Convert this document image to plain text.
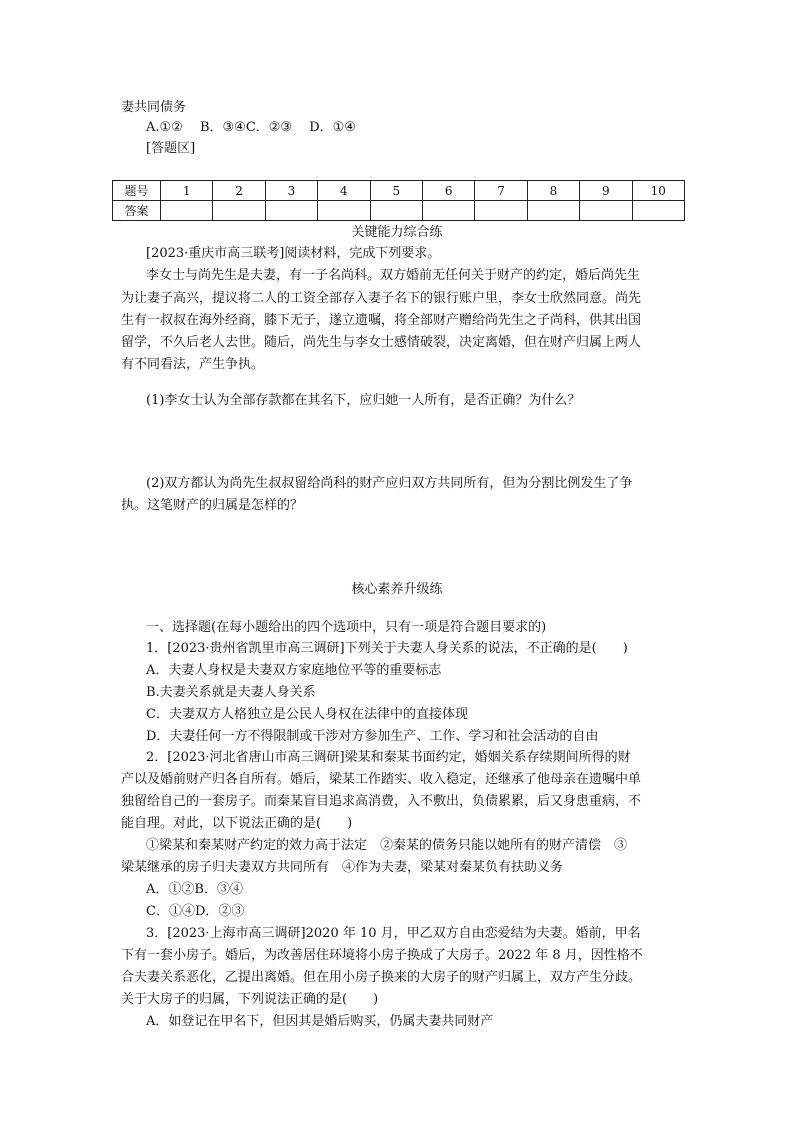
妻共同债务
A.①②　 B．③④C．②③　 D．①④
[答题区]
题号	1	2	3	4	5	6	7	8	9	10
答案										
关键能力综合练
[2023·重庆市高三联考]阅读材料，完成下列要求。
李女士与尚先生是夫妻，有一子名尚科。双方婚前无任何关于财产的约定，婚后尚先生
为让妻子高兴，提议将二人的工资全部存入妻子名下的银行账户里，李女士欣然同意。尚先
生有一叔叔在海外经商，膝下无子，遂立遗嘱，将全部财产赠给尚先生之子尚科，供其出国
留学，不久后老人去世。随后，尚先生与李女士感情破裂，决定离婚，但在财产归属上两人
有不同看法，产生争执。
(1)李女士认为全部存款都在其名下，应归她一人所有，是否正确？为什么？
(2)双方都认为尚先生叔叔留给尚科的财产应归双方共同所有，但为分割比例发生了争
执。这笔财产的归属是怎样的？
核心素养升级练
一、选择题(在每小题给出的四个选项中，只有一项是符合题目要求的)
1．[2023·贵州省凯里市高三调研]下列关于夫妻人身关系的说法，不正确的是(　　)
A．夫妻人身权是夫妻双方家庭地位平等的重要标志
B.夫妻关系就是夫妻人身关系
C．夫妻双方人格独立是公民人身权在法律中的直接体现
D．夫妻任何一方不得限制或干涉对方参加生产、工作、学习和社会活动的自由
2．[2023·河北省唐山市高三调研]梁某和秦某书面约定，婚姻关系存续期间所得的财
产以及婚前财产归各自所有。婚后，梁某工作踏实、收入稳定，还继承了他母亲在遗嘱中单
独留给自己的一套房子。而秦某盲目追求高消费，入不敷出，负债累累，后又身患重病，不
能自理。对此，以下说法正确的是(　　)
①梁某和秦某财产约定的效力高于法定　②秦某的债务只能以她所有的财产清偿　③
梁某继承的房子归夫妻双方共同所有　④作为夫妻，梁某对秦某负有扶助义务
A．①②B．③④
C．①④D．②③
3．[2023·上海市高三调研]2020 年 10 月，甲乙双方自由恋爱结为夫妻。婚前，甲名
下有一套小房子。婚后，为改善居住环境将小房子换成了大房子。2022 年 8 月，因性格不
合夫妻关系恶化，乙提出离婚。但在用小房子换来的大房子的财产归属上，双方产生分歧。
关于大房子的归属，下列说法正确的是(　　)
A．如登记在甲名下，但因其是婚后购买，仍属夫妻共同财产
